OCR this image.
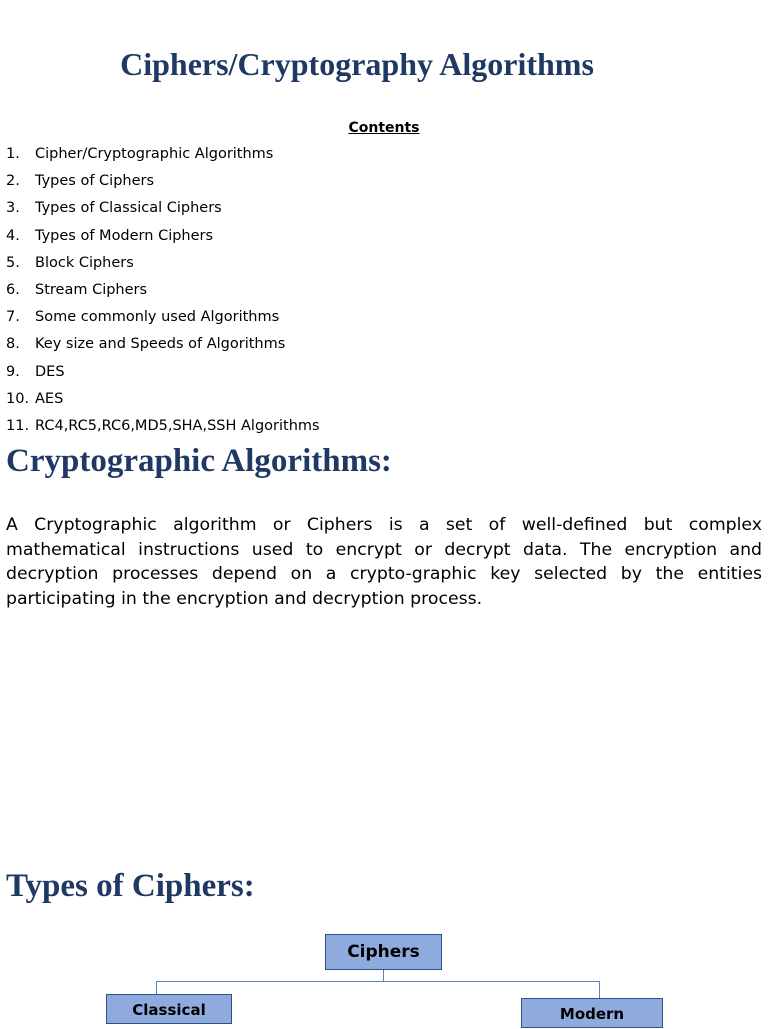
Ciphers/Cryptography Algorithms
Contents
1.	Cipher/Cryptographic Algorithms
2.	Types of Ciphers
3.	Types of Classical Ciphers
4.	Types of Modern Ciphers
5.	Block Ciphers
6.	Stream Ciphers
7.	Some commonly used Algorithms
8.	Key size and Speeds of Algorithms
9.	DES
10. AES
11. RC4,RC5,RC6,MD5,SHA,SSH Algorithms
Cryptographic Algorithms:

A Cryptographic algorithm or Ciphers is a set of well-defined but complex mathematical instructions used to encrypt or decrypt data. The encryption and decryption processes depend on a crypto-graphic key selected by the entities participating in the encryption and decryption process.

Types of Ciphers:
Ciphers
Classical	Modern
